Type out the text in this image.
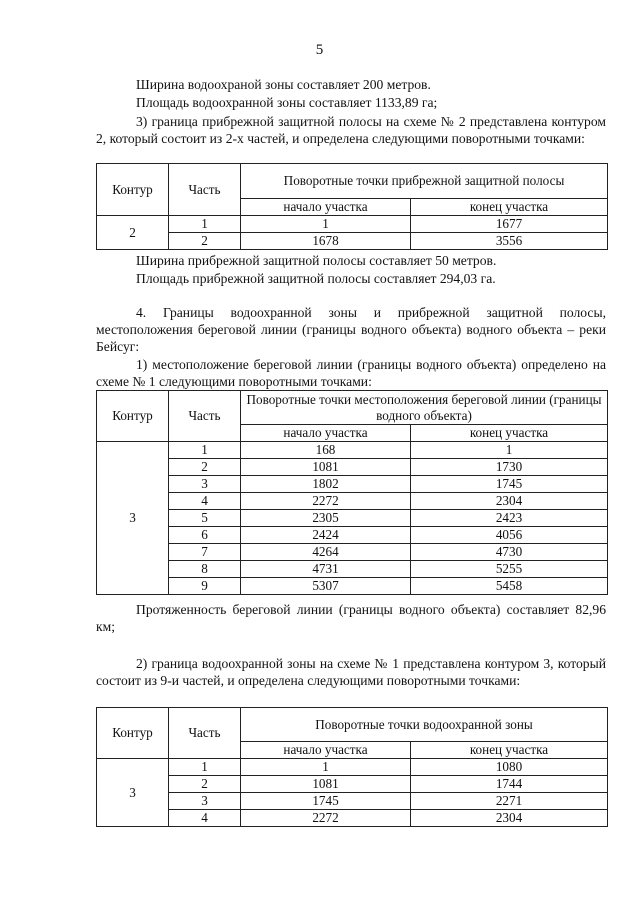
5

Ширина водоохраной зоны составляет 200 метров.

Площадь водоохранной зоны составляет 1133,89 га;

3) граница прибрежной защитной полосы на схеме № 2 представлена контуром 2, который состоит из 2-х частей, и определена следующими поворотными точками:

Контур	Часть	Поворотные точки прибрежной защитной полосы	
		начало участка	конец участка
2	1	1	1677
	2	1678	3556

Ширина прибрежной защитной полосы составляет 50 метров.

Площадь прибрежной защитной полосы составляет 294,03 га.

4. Границы водоохранной зоны и прибрежной защитной полосы, местоположения береговой линии (границы водного объекта) водного объекта – реки Бейсуг:

1) местоположение береговой линии (границы водного объекта) определено на схеме № 1 следующими поворотными точками:

Контур	Часть	Поворотные точки местоположения береговой линии (границы водного объекта)	
		начало участка	конец участка
3	1	168	1
	2	1081	1730
	3	1802	1745
	4	2272	2304
	5	2305	2423
	6	2424	4056
	7	4264	4730
	8	4731	5255
	9	5307	5458

Протяженность береговой линии (границы водного объекта) составляет 82,96 км;

2) граница водоохранной зоны на схеме № 1 представлена контуром 3, который состоит из 9-и частей, и определена следующими поворотными точками:

Контур	Часть	Поворотные точки водоохранной зоны	
		начало участка	конец участка
3	1	1	1080
	2	1081	1744
	3	1745	2271
	4	2272	2304
